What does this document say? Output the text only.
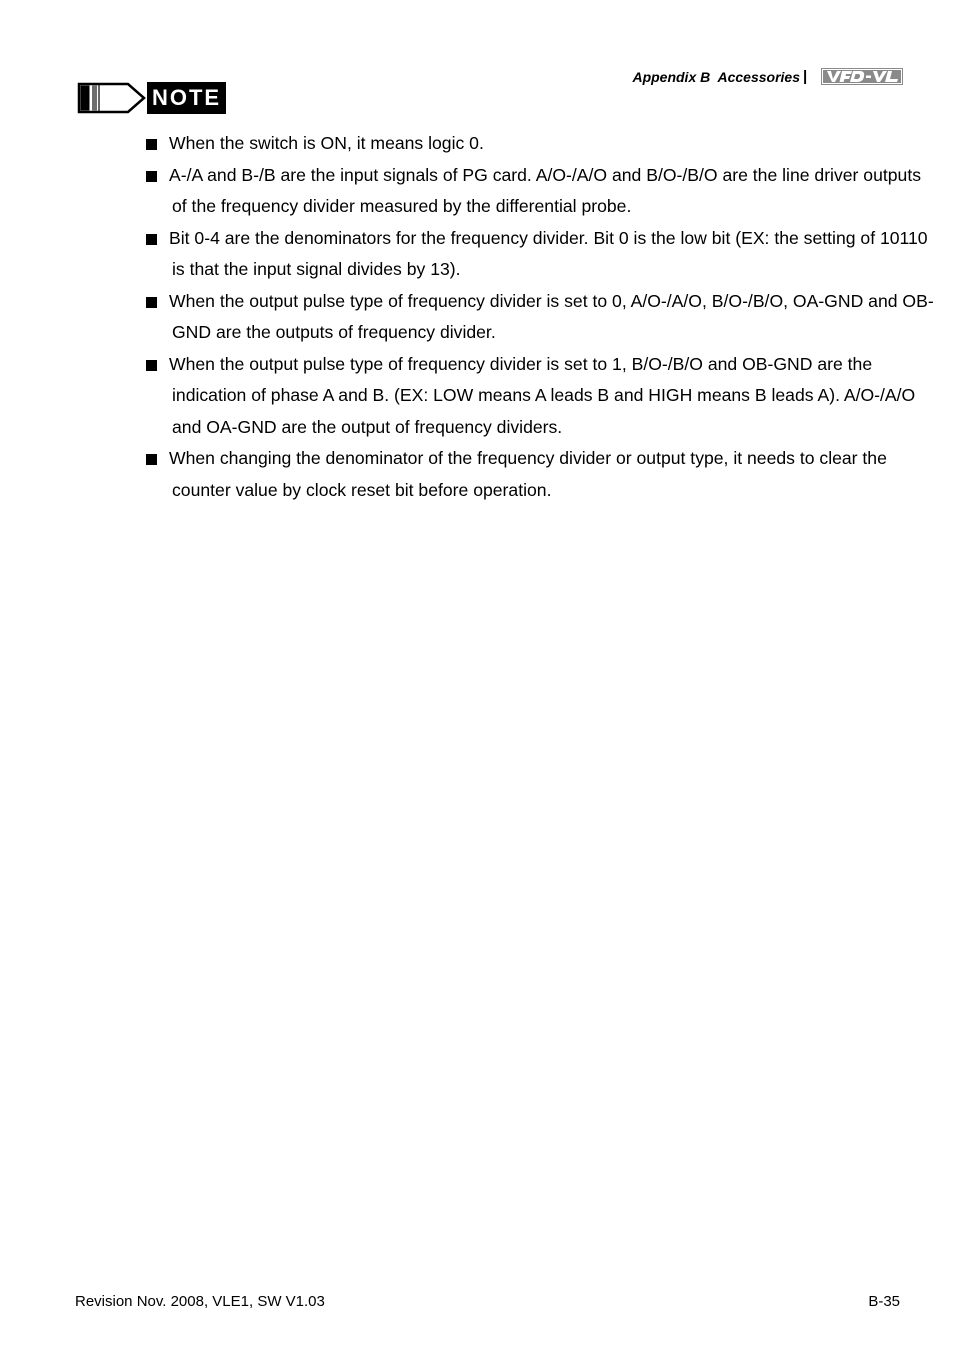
Appendix B  Accessories |
NOTE
When the switch is ON, it means logic 0.
A-/A and B-/B are the input signals of PG card. A/O-/A/O and B/O-/B/O are the line driver outputs of the frequency divider measured by the differential probe.
Bit 0-4 are the denominators for the frequency divider. Bit 0 is the low bit (EX: the setting of 10110 is that the input signal divides by 13).
When the output pulse type of frequency divider is set to 0, A/O-/A/O, B/O-/B/O, OA-GND and OB-GND are the outputs of frequency divider.
When the output pulse type of frequency divider is set to 1, B/O-/B/O and OB-GND are the indication of phase A and B. (EX: LOW means A leads B and HIGH means B leads A). A/O-/A/O and OA-GND are the output of frequency dividers.
When changing the denominator of the frequency divider or output type, it needs to clear the counter value by clock reset bit before operation.
Revision Nov. 2008, VLE1, SW V1.03	B-35
